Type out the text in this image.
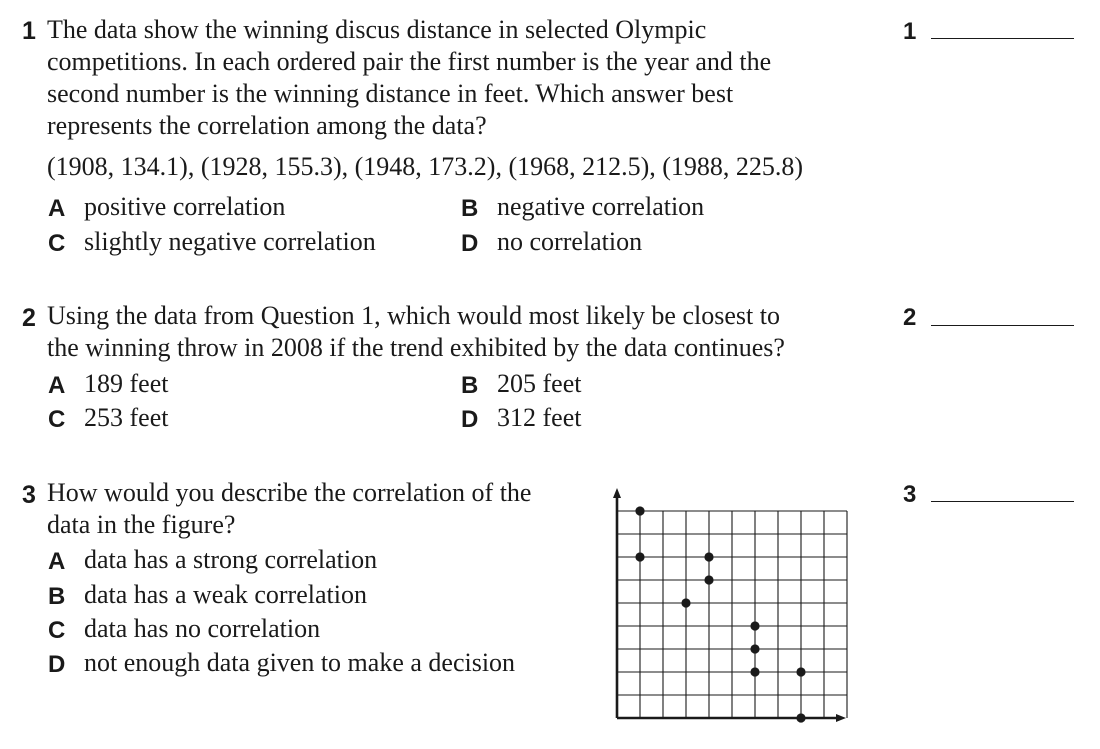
1 The data show the winning discus distance in selected Olympic
competitions. In each ordered pair the first number is the year and the
second number is the winning distance in feet. Which answer best
represents the correlation among the data?
(1908, 134.1), (1928, 155.3), (1948, 173.2), (1968, 212.5), (1988, 225.8)
A positive correlation	B negative correlation
C slightly negative correlation	D no correlation
2 Using the data from Question 1, which would most likely be closest to
the winning throw in 2008 if the trend exhibited by the data continues?
A 189 feet	B 205 feet
C 253 feet	D 312 feet
3 How would you describe the correlation of the
data in the figure?
A data has a strong correlation
B data has a weak correlation
C data has no correlation
D not enough data given to make a decision
1
2
3
